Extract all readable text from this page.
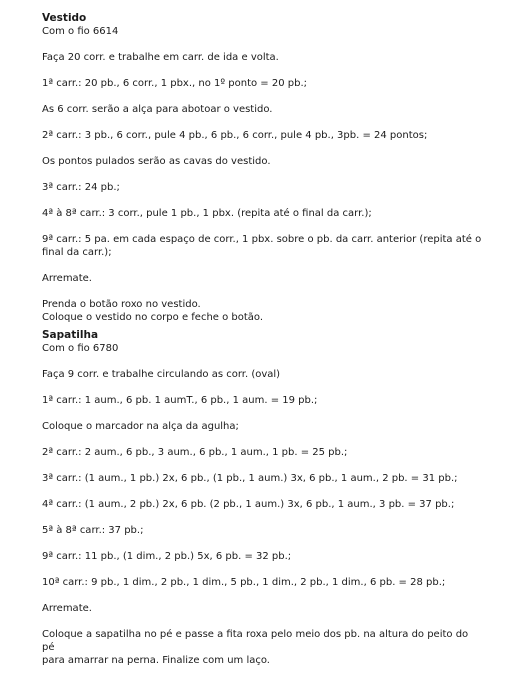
Vestido

Com o fio 6614

Faça 20 corr. e trabalhe em carr. de ida e volta.

1ª carr.: 20 pb., 6 corr., 1 pbx., no 1º ponto = 20 pb.;

As 6 corr. serão a alça para abotoar o vestido.

2ª carr.: 3 pb., 6 corr., pule 4 pb., 6 pb., 6 corr., pule 4 pb., 3pb. = 24 pontos;

Os pontos pulados serão as cavas do vestido.

3ª carr.: 24 pb.;

4ª à 8ª carr.: 3 corr., pule 1 pb., 1 pbx. (repita até o final da carr.);

9ª carr.: 5 pa. em cada espaço de corr., 1 pbx. sobre o pb. da carr. anterior (repita até o

final da carr.);

Arremate.

Prenda o botão roxo no vestido.

Coloque o vestido no corpo e feche o botão.

Sapatilha

Com o fio 6780

Faça 9 corr. e trabalhe circulando as corr. (oval)

1ª carr.: 1 aum., 6 pb. 1 aumT., 6 pb., 1 aum. = 19 pb.;

Coloque o marcador na alça da agulha;

2ª carr.: 2 aum., 6 pb., 3 aum., 6 pb., 1 aum., 1 pb. = 25 pb.;

3ª carr.: (1 aum., 1 pb.) 2x, 6 pb., (1 pb., 1 aum.) 3x, 6 pb., 1 aum., 2 pb. = 31 pb.;

4ª carr.: (1 aum., 2 pb.) 2x, 6 pb. (2 pb., 1 aum.) 3x, 6 pb., 1 aum., 3 pb. = 37 pb.;

5ª à 8ª carr.: 37 pb.;

9ª carr.: 11 pb., (1 dim., 2 pb.) 5x, 6 pb. = 32 pb.;

10ª carr.: 9 pb., 1 dim., 2 pb., 1 dim., 5 pb., 1 dim., 2 pb., 1 dim., 6 pb. = 28 pb.;

Arremate.

Coloque a sapatilha no pé e passe a fita roxa pelo meio dos pb. na altura do peito do pé

para amarrar na perna. Finalize com um laço.
